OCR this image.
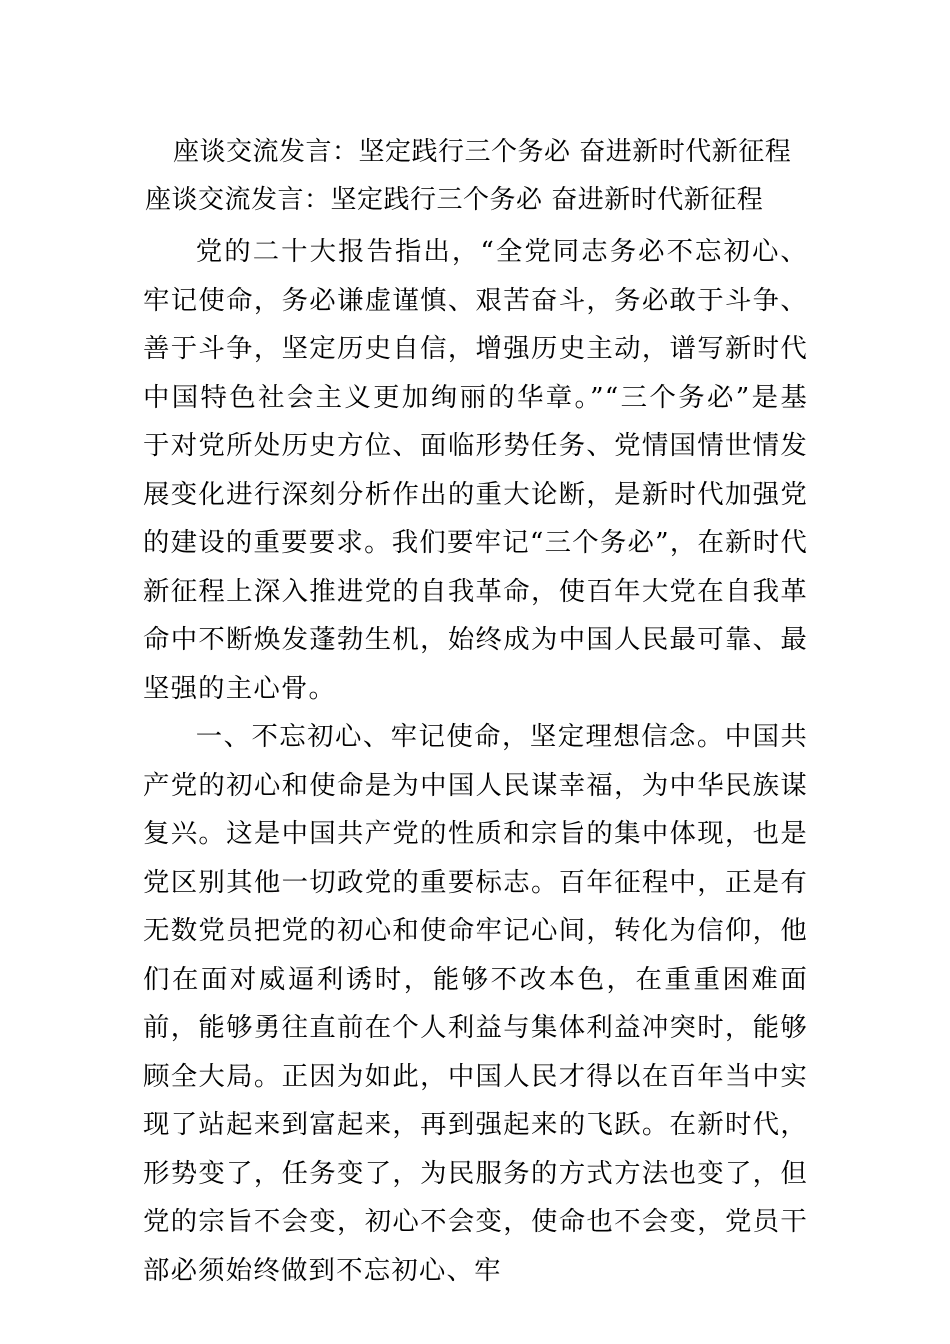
座谈交流发言：坚定践行三个务必 奋进新时代新征程
座谈交流发言：坚定践行三个务必 奋进新时代新征程

党的二十大报告指出，“全党同志务必不忘初心、牢记使命，务必谦虚谨慎、艰苦奋斗，务必敢于斗争、善于斗争，坚定历史自信，增强历史主动，谱写新时代中国特色社会主义更加绚丽的华章。”“三个务必”是基于对党所处历史方位、面临形势任务、党情国情世情发展变化进行深刻分析作出的重大论断，是新时代加强党的建设的重要要求。我们要牢记“三个务必”，在新时代新征程上深入推进党的自我革命，使百年大党在自我革命中不断焕发蓬勃生机，始终成为中国人民最可靠、最坚强的主心骨。

一、不忘初心、牢记使命，坚定理想信念。中国共产党的初心和使命是为中国人民谋幸福，为中华民族谋复兴。这是中国共产党的性质和宗旨的集中体现，也是党区别其他一切政党的重要标志。百年征程中，正是有无数党员把党的初心和使命牢记心间，转化为信仰，他们在面对威逼利诱时，能够不改本色，在重重困难面前，能够勇往直前在个人利益与集体利益冲突时，能够顾全大局。正因为如此，中国人民才得以在百年当中实现了站起来到富起来，再到强起来的飞跃。在新时代，形势变了，任务变了，为民服务的方式方法也变了，但党的宗旨不会变，初心不会变，使命也不会变，党员干部必须始终做到不忘初心、牢
